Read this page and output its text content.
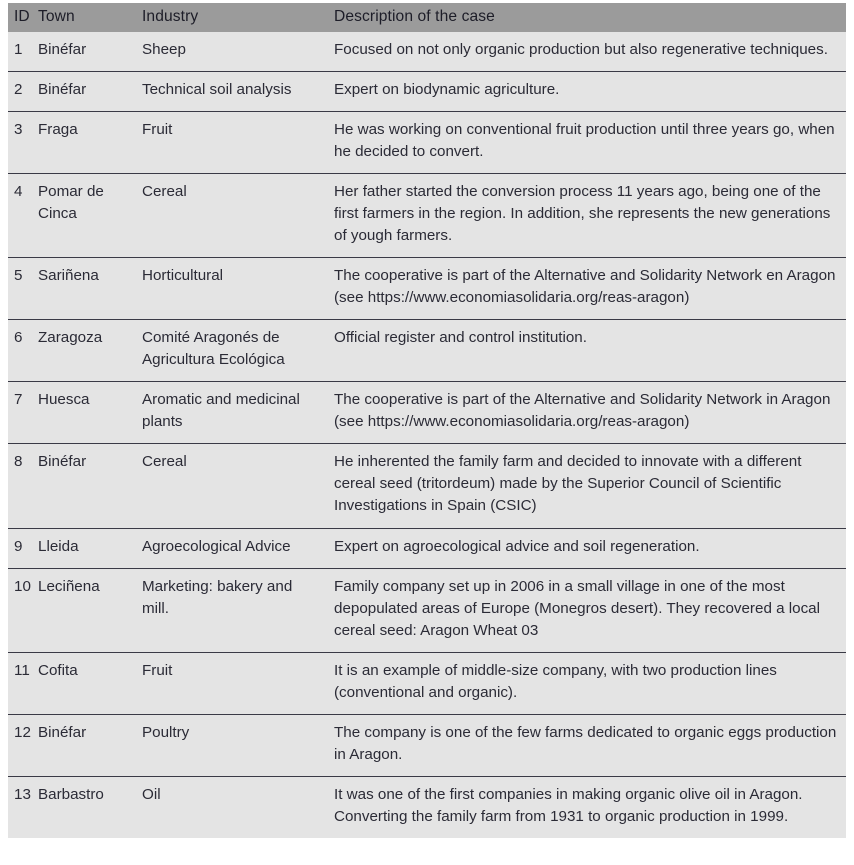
ID	Town	Industry	Description of the case

1	Binéfar	Sheep	Focused on not only organic production but also regenerative techniques.

2	Binéfar	Technical soil analysis	Expert on biodynamic agriculture.

3	Fraga	Fruit	He was working on conventional fruit production until three years go, when he decided to convert.

4	Pomar de Cinca	Cereal	Her father started the conversion process 11 years ago, being one of the first farmers in the region. In addition, she represents the new generations of yough farmers.

5	Sariñena	Horticultural	The cooperative is part of the Alternative and Solidarity Network en Aragon (see https://www.economiasolidaria.org/reas-aragon)

6	Zaragoza	Comité Aragonés de Agricultura Ecológica	Official register and control institution.

7	Huesca	Aromatic and medicinal plants	The cooperative is part of the Alternative and Solidarity Network in Aragon (see https://www.economiasolidaria.org/reas-aragon)

8	Binéfar	Cereal	He inherented the family farm and decided to innovate with a different cereal seed (tritordeum) made by the Superior Council of Scientific Investigations in Spain (CSIC)

9	Lleida	Agroecological Advice	Expert on agroecological advice and soil regeneration.

10	Leciñena	Marketing: bakery and mill.	Family company set up in 2006 in a small village in one of the most depopulated areas of Europe (Monegros desert). They recovered a local cereal seed: Aragon Wheat 03

11	Cofita	Fruit	It is an example of middle-size company, with two production lines (conventional and organic).

12	Binéfar	Poultry	The company is one of the few farms dedicated to organic eggs production in Aragon.

13	Barbastro	Oil	It was one of the first companies in making organic olive oil in Aragon. Converting the family farm from 1931 to organic production in 1999.
